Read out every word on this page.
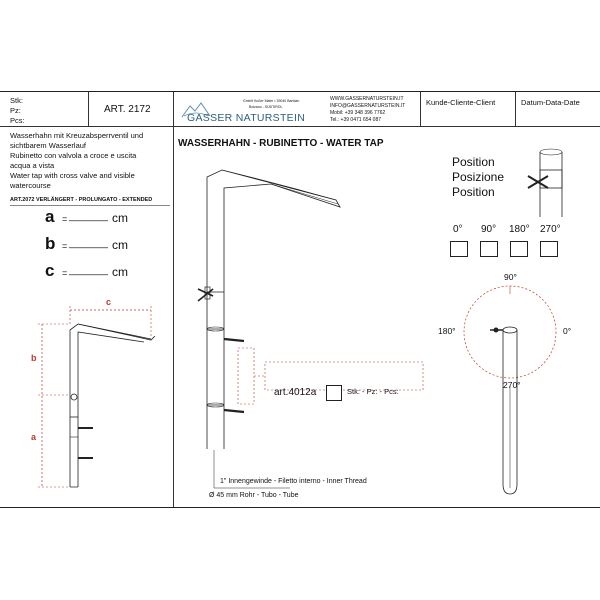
Stk:
Pz:
Pcs:
ART. 2172
GmbH Kußer Maler • 39040 Barbian
Bolzano - SÜDTIROL
GASSER NATURSTEIN
WWW.GASSERNATURSTEIN.IT
INFO@GASSERNATURSTEIN.IT
Mobil: +39 348 396 7762
Tel.: +39 0471 654 087
Kunde-Cliente-Client	Datum-Data-Date
Wasserhahn mit Kreuzabsperrventil und
sichtbarem Wasserlauf
Rubinetto con valvola a croce e uscita
acqua a vista
Water tap with cross valve and visible
watercourse
ART.2072 VERLÄNGERT - PROLUNGATO - EXTENDED
a = _______ cm
b = _______ cm
c = _______ cm
c
b
a
WASSERHAHN - RUBINETTO - WATER TAP
art.4012a	Stk: - Pz: - Pcs:
1" Innengewinde - Filetto interno - Inner Thread
Ø 45 mm Rohr - Tubo - Tube
Position
Posizione
Position
0° 90° 180° 270°
90°
180°	0°
270°
